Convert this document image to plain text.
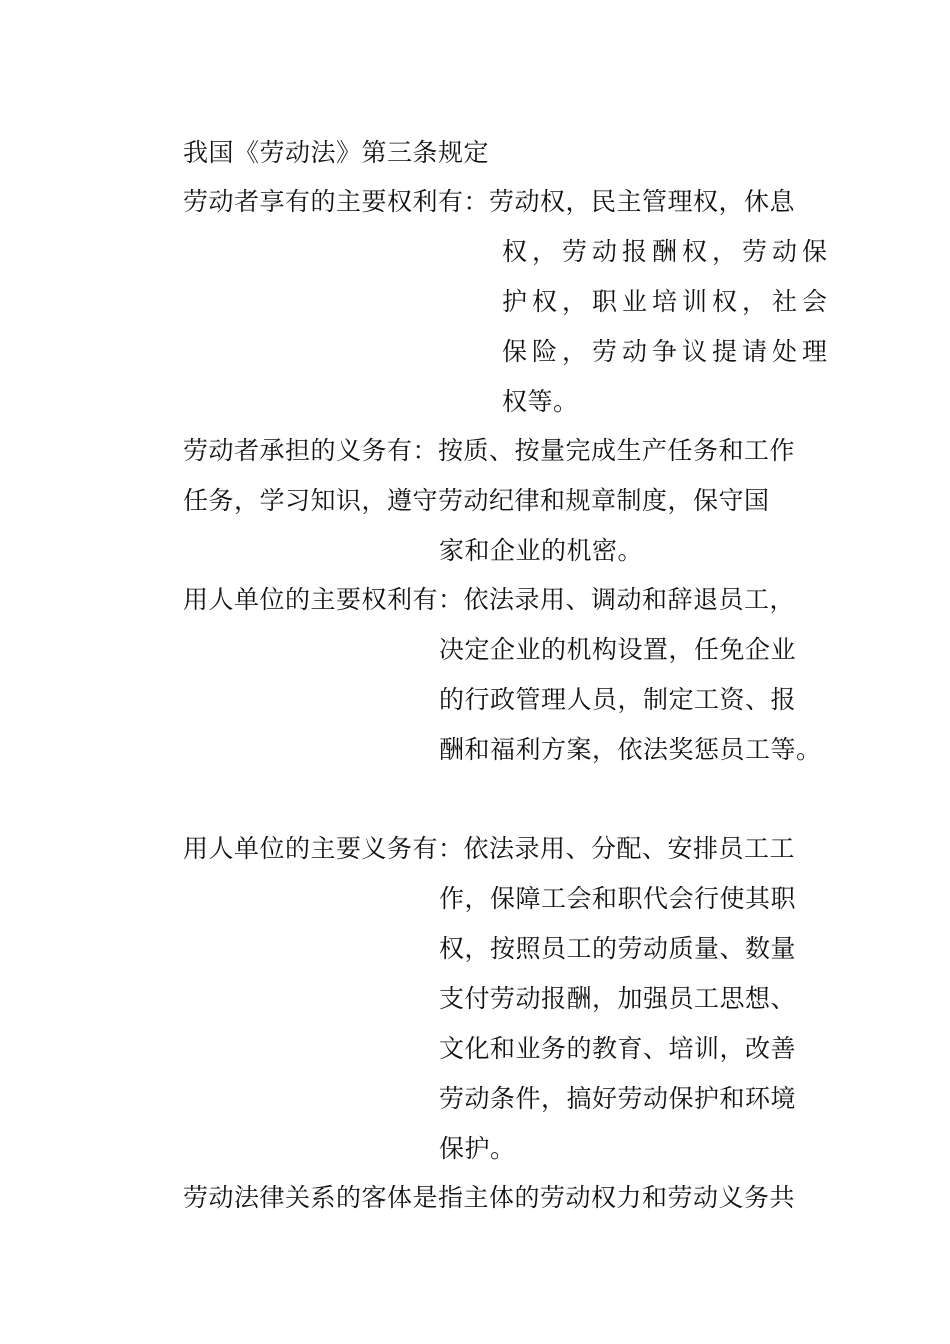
我国《劳动法》第三条规定
劳动者享有的主要权利有：劳动权，民主管理权，休息
权，劳动报酬权，劳动保
护权，职业培训权，社会
保险，劳动争议提请处理
权等。
劳动者承担的义务有：按质、按量完成生产任务和工作
任务，学习知识，遵守劳动纪律和规章制度，保守国
家和企业的机密。
用人单位的主要权利有：依法录用、调动和辞退员工，
决定企业的机构设置，任免企业
的行政管理人员，制定工资、报
酬和福利方案，依法奖惩员工等。
用人单位的主要义务有：依法录用、分配、安排员工工
作，保障工会和职代会行使其职
权，按照员工的劳动质量、数量
支付劳动报酬，加强员工思想、
文化和业务的教育、培训，改善
劳动条件，搞好劳动保护和环境
保护。
劳动法律关系的客体是指主体的劳动权力和劳动义务共
